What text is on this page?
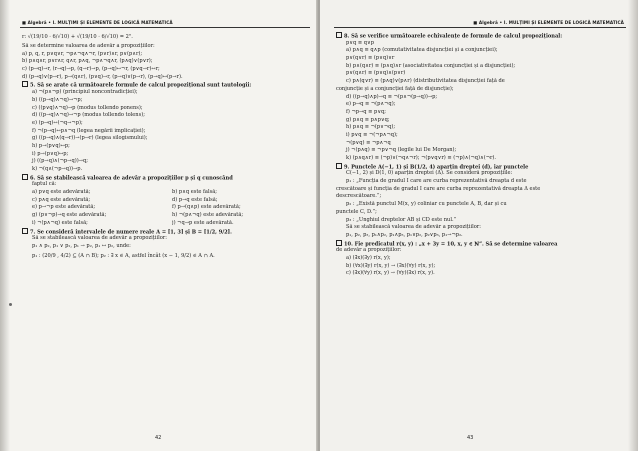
■ Algebră • I. MULȚIMI ȘI ELEMENTE DE LOGICĂ MATEMATICĂ
r: √(19/10 · 6/√10) + √(19/10 · 6/√10) = 2".
Să se determine valoarea de adevăr a propozițiilor:
a) p, q, r, p∨q∨r, ¬p∧¬q∧¬r, (p∨r)∧r, p∨(p∧r);
b) p∧q∧r, p∨r∧r, q∧r, p∧q, ¬p∧¬q∧r, (p∧q)∨(p∨r);
c) (p→q)→r, (r→q)→p, (q→r)→p, (p→q)↔¬r, (p∨q→r)↔r;
d) (p→q)∨(p→r), p→(q∧r), (p∨q)→r, (p→q)∨(p→r), (p→q)↔(p→r).
5. Să se arate că următoarele formule de calcul propozițional sunt tautologii:
a) ¬(p∧¬p) (principiul noncontradicției);
b) ((p→q)∧¬q)→¬p;
c) ((p∨q)∧¬q)→p (modus tollendo ponens);
d) ((p→q)∧¬q)→¬p (modus tollendo tolens);
e) (p→q)↔(¬q→¬p);
f) ¬(p→q)↔p∧¬q (legea negării implicației);
g) ((p→q)∧(q→r))→(p→r) (legea silogismului);
h) p→(p∨q)↔p;
i) p→(p∨q)↔p;
j) ((p→q)∧(¬p→q))→q;
k) ¬(q∧(¬p→q))→p.
6. Să se stabilească valoarea de adevăr a propozițiilor p și q cunoscând
faptul că:
a) p∨q este adevărată;	b) p∧q este falsă;
c) p∧q este adevărată;	d) p→q este falsă;
e) p→¬p este adevărată;	f) p→(q∧p) este adevărată;
g) (p∨¬p)→q este adevărată;	h) ¬(p∧¬q) este adevărată;
i) ¬(p∧¬q) este falsă;	j) ¬q→p este adevărată.
7. Se consideră intervalele de numere reale A = [1, 3] și B = [1/2, 9/2].
Să se stabilească valoarea de adevăr a propozițiilor:
p₁ ∧ p₂, p₁ ∨ p₂, p₁ → p₂, p₁ ↔ p₂, unde:
p₁ : (20/9 , 4/2) ⊆ (A ∩ B); p₂ : ∃ x ∈ A, astfel încât (x − 1, 9/2) ∈ A ∩ A.
42
■ Algebră • I. MULȚIMI ȘI ELEMENTE DE LOGICĂ MATEMATICĂ
8. Să se verifice următoarele echivalențe de formule de calcul propozițional:
p∨q ≡ q∨p
a) p∧q ≡ q∧p (comutativitatea disjuncției și a conjuncției);
p∨(q∨r) ≡ (p∨q)∨r
b) p∧(q∧r) ≡ (p∧q)∧r (asociativitatea conjuncției și a disjuncției);
p∨(q∧r) ≡ (p∨q)∧(p∨r)
c) p∧(q∨r) ≡ (p∧q)∨(p∧r) (distributivitatea disjuncției față de
conjuncție și a conjuncției față de disjuncție);
d) ((p→q)∧p)→q ≡ ¬(p∧¬(p→q))→p;
e) p→q ≡ ¬(p∧¬q);
f) ¬p→q ≡ p∨q;
g) p∧q ≡ p∧p∨q;
h) p∧q ≡ ¬(p∨¬q);
i) p∨q ≡ ¬(¬p∧¬q);
¬(p∨q) ≡ ¬p∧¬q
j) ¬(p∧q) ≡ ¬p∨¬q (legile lui De Morgan);
k) (p∧q∧r) ≡ (¬p)∨(¬q∧¬r); ¬(p∨q∨r) ≡ (¬p)∧(¬q)∧(¬r).
9. Punctele A(−1, 1) și B(1/2, 4) aparțin dreptei (d), iar punctele
C(−1, 2) și D(1, 0) aparțin dreptei (Δ). Se consideră propozițiile:
p₁ : „Funcția de gradul I care are curba reprezentativă dreapta d este
crescătoare și funcția de gradul I care are curba reprezentativă dreapta Δ este
descrescătoare.”;
p₂ : „Există punctul M(x, y) coliniar cu punctele A, B, dar și cu
punctele C, D.”;
p₃ : „Unghiul dreptelor AB și CD este nul.”
Să se stabilească valoarea de adevăr a propozițiilor:
p₁, p₂, p₃, p₁∧p₂, p₁∧p₃, p₁∨p₂, p₂∨p₃, p₁→¬p₂.
10. Fie predicatul r(x, y) : „x + 3y = 10, x, y ∈ ℕ”. Să se determine valoarea
de adevăr a propozițiilor:
a) (∃x)(∃y) r(x, y);
b) (∀x)(∃y) r(x, y) → (∃x)(∀y) r(x, y);
c) (∃x)(∀y) r(x, y) → (∀y)(∃x) r(x, y).
43
